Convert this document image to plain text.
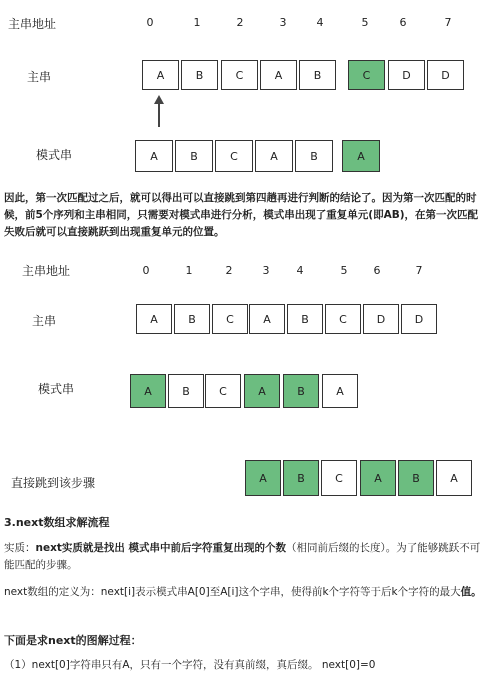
主串地址	0	1	2	3	4	5	6	7
主串	A	B	C	A	B	C	D	D
模式串	A	B	C	A	B	A
因此，第一次匹配过之后，就可以得出可以直接跳到第四趟再进行判断的结论了。因为第一次匹配的时候，前5个序列和主串相同，只需要对模式串进行分析，模式串出现了重复单元(即AB)，在第一次匹配失败后就可以直接跳跃到出现重复单元的位置。
主串地址	0	1	2	3	4	5	6	7
主串	A	B	C	A	B	C	D	D
模式串	A	B	C	A	B	A
直接跳到该步骤	A	B	C	A	B	A
3.next数组求解流程
实质：next实质就是找出 模式串中前后字符重复出现的个数（相同前后缀的长度）。为了能够跳跃不可能匹配的步骤。
next数组的定义为：next[i]表示模式串A[0]至A[i]这个字串，使得前k个字符等于后k个字符的最大值。
下面是求next的图解过程：
（1）next[0]字符串只有A，只有一个字符，没有真前缀，真后缀。 next[0]=0
